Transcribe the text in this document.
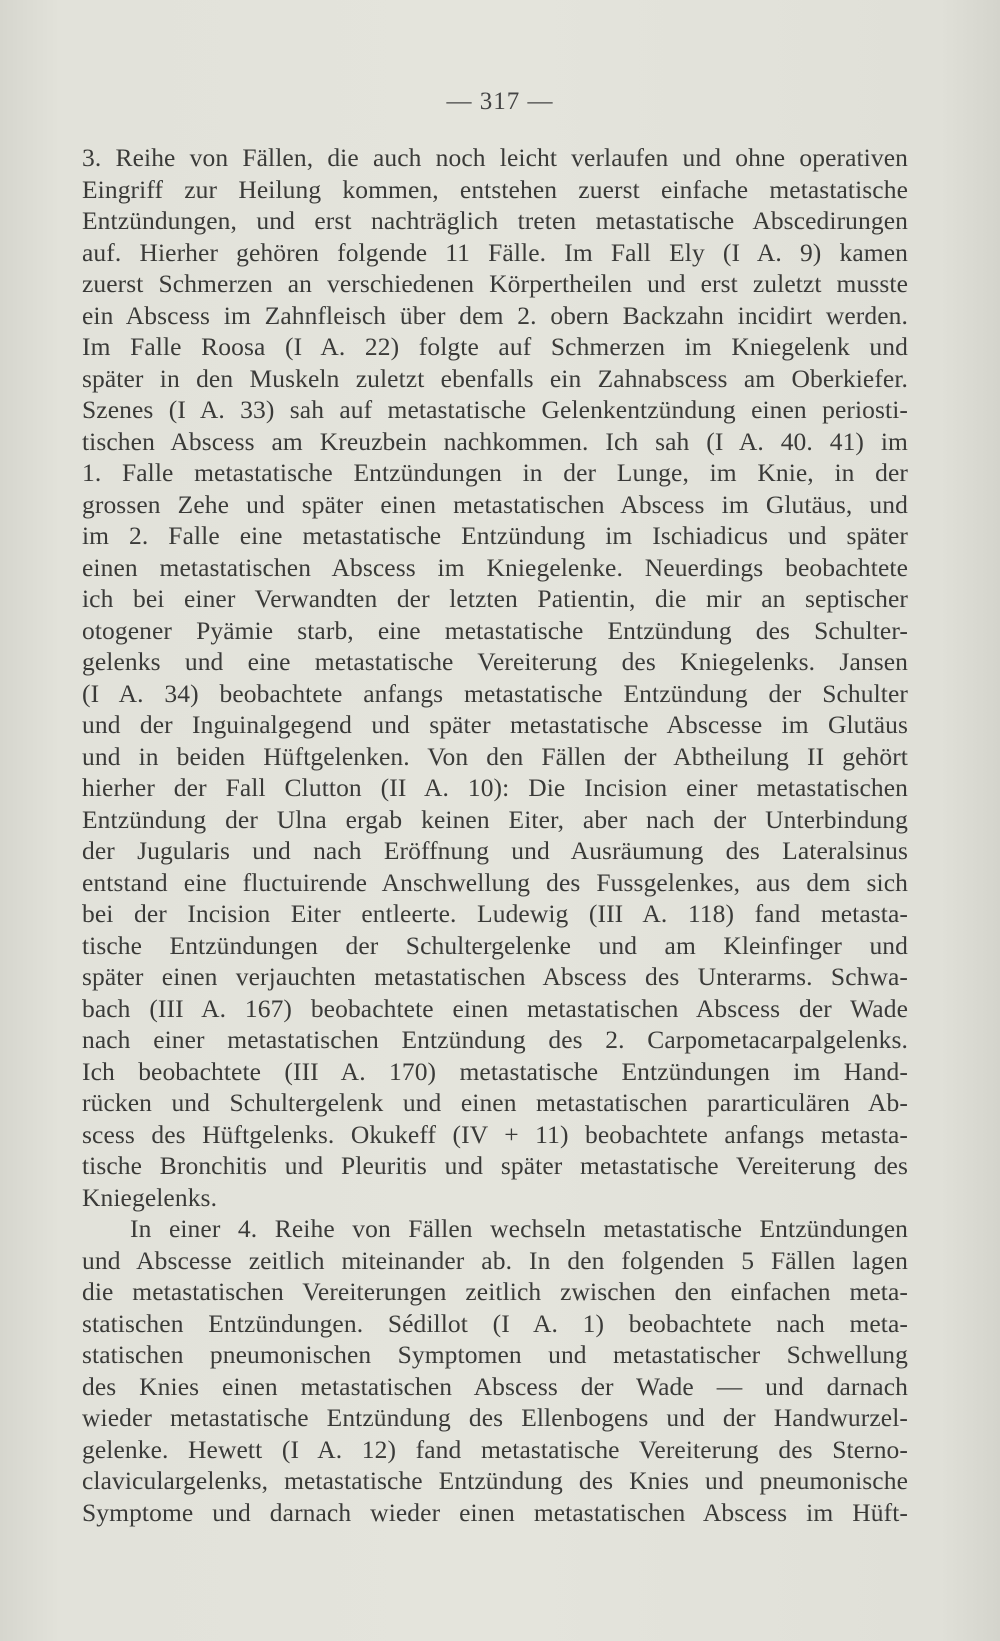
— 317 —
3. Reihe von Fällen, die auch noch leicht verlaufen und ohne operativen
Eingriff zur Heilung kommen, entstehen zuerst einfache metastatische
Entzündungen, und erst nachträglich treten metastatische Abscedirungen
auf. Hierher gehören folgende 11 Fälle. Im Fall Ely (I A. 9) kamen
zuerst Schmerzen an verschiedenen Körpertheilen und erst zuletzt musste
ein Abscess im Zahnfleisch über dem 2. obern Backzahn incidirt werden.
Im Falle Roosa (I A. 22) folgte auf Schmerzen im Kniegelenk und
später in den Muskeln zuletzt ebenfalls ein Zahnabscess am Oberkiefer.
Szenes (I A. 33) sah auf metastatische Gelenkentzündung einen periosti-
tischen Abscess am Kreuzbein nachkommen. Ich sah (I A. 40. 41) im
1. Falle metastatische Entzündungen in der Lunge, im Knie, in der
grossen Zehe und später einen metastatischen Abscess im Glutäus, und
im 2. Falle eine metastatische Entzündung im Ischiadicus und später
einen metastatischen Abscess im Kniegelenke. Neuerdings beobachtete
ich bei einer Verwandten der letzten Patientin, die mir an septischer
otogener Pyämie starb, eine metastatische Entzündung des Schulter-
gelenks und eine metastatische Vereiterung des Kniegelenks. Jansen
(I A. 34) beobachtete anfangs metastatische Entzündung der Schulter
und der Inguinalgegend und später metastatische Abscesse im Glutäus
und in beiden Hüftgelenken. Von den Fällen der Abtheilung II gehört
hierher der Fall Clutton (II A. 10): Die Incision einer metastatischen
Entzündung der Ulna ergab keinen Eiter, aber nach der Unterbindung
der Jugularis und nach Eröffnung und Ausräumung des Lateralsinus
entstand eine fluctuirende Anschwellung des Fussgelenkes, aus dem sich
bei der Incision Eiter entleerte. Ludewig (III A. 118) fand metasta-
tische Entzündungen der Schultergelenke und am Kleinfinger und
später einen verjauchten metastatischen Abscess des Unterarms. Schwa-
bach (III A. 167) beobachtete einen metastatischen Abscess der Wade
nach einer metastatischen Entzündung des 2. Carpometacarpalgelenks.
Ich beobachtete (III A. 170) metastatische Entzündungen im Hand-
rücken und Schultergelenk und einen metastatischen pararticulären Ab-
scess des Hüftgelenks. Okukeff (IV + 11) beobachtete anfangs metasta-
tische Bronchitis und Pleuritis und später metastatische Vereiterung des
Kniegelenks.
In einer 4. Reihe von Fällen wechseln metastatische Entzündungen
und Abscesse zeitlich miteinander ab. In den folgenden 5 Fällen lagen
die metastatischen Vereiterungen zeitlich zwischen den einfachen meta-
statischen Entzündungen. Sédillot (I A. 1) beobachtete nach meta-
statischen pneumonischen Symptomen und metastatischer Schwellung
des Knies einen metastatischen Abscess der Wade — und darnach
wieder metastatische Entzündung des Ellenbogens und der Handwurzel-
gelenke. Hewett (I A. 12) fand metastatische Vereiterung des Sterno-
claviculargelenks, metastatische Entzündung des Knies und pneumonische
Symptome und darnach wieder einen metastatischen Abscess im Hüft-
